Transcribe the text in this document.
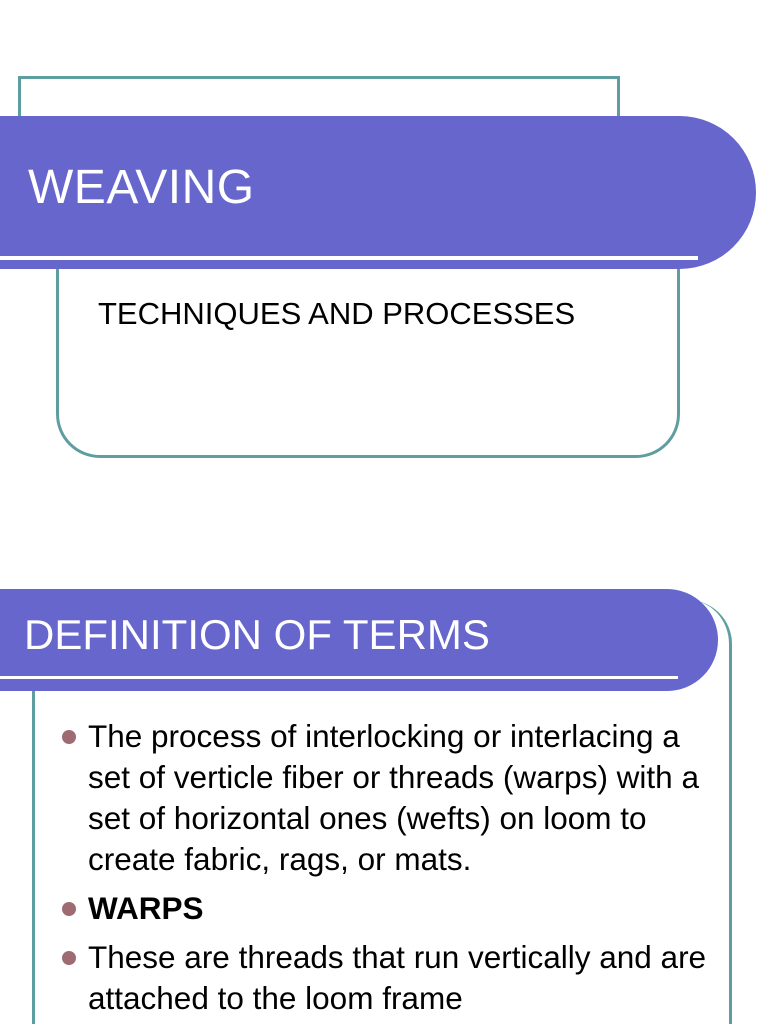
WEAVING
TECHNIQUES AND PROCESSES
DEFINITION OF TERMS
The process of interlocking or interlacing a set of verticle fiber or threads (warps) with a set of horizontal ones (wefts) on loom to create fabric, rags, or mats.
WARPS
These are threads that run vertically and are attached to the loom frame
